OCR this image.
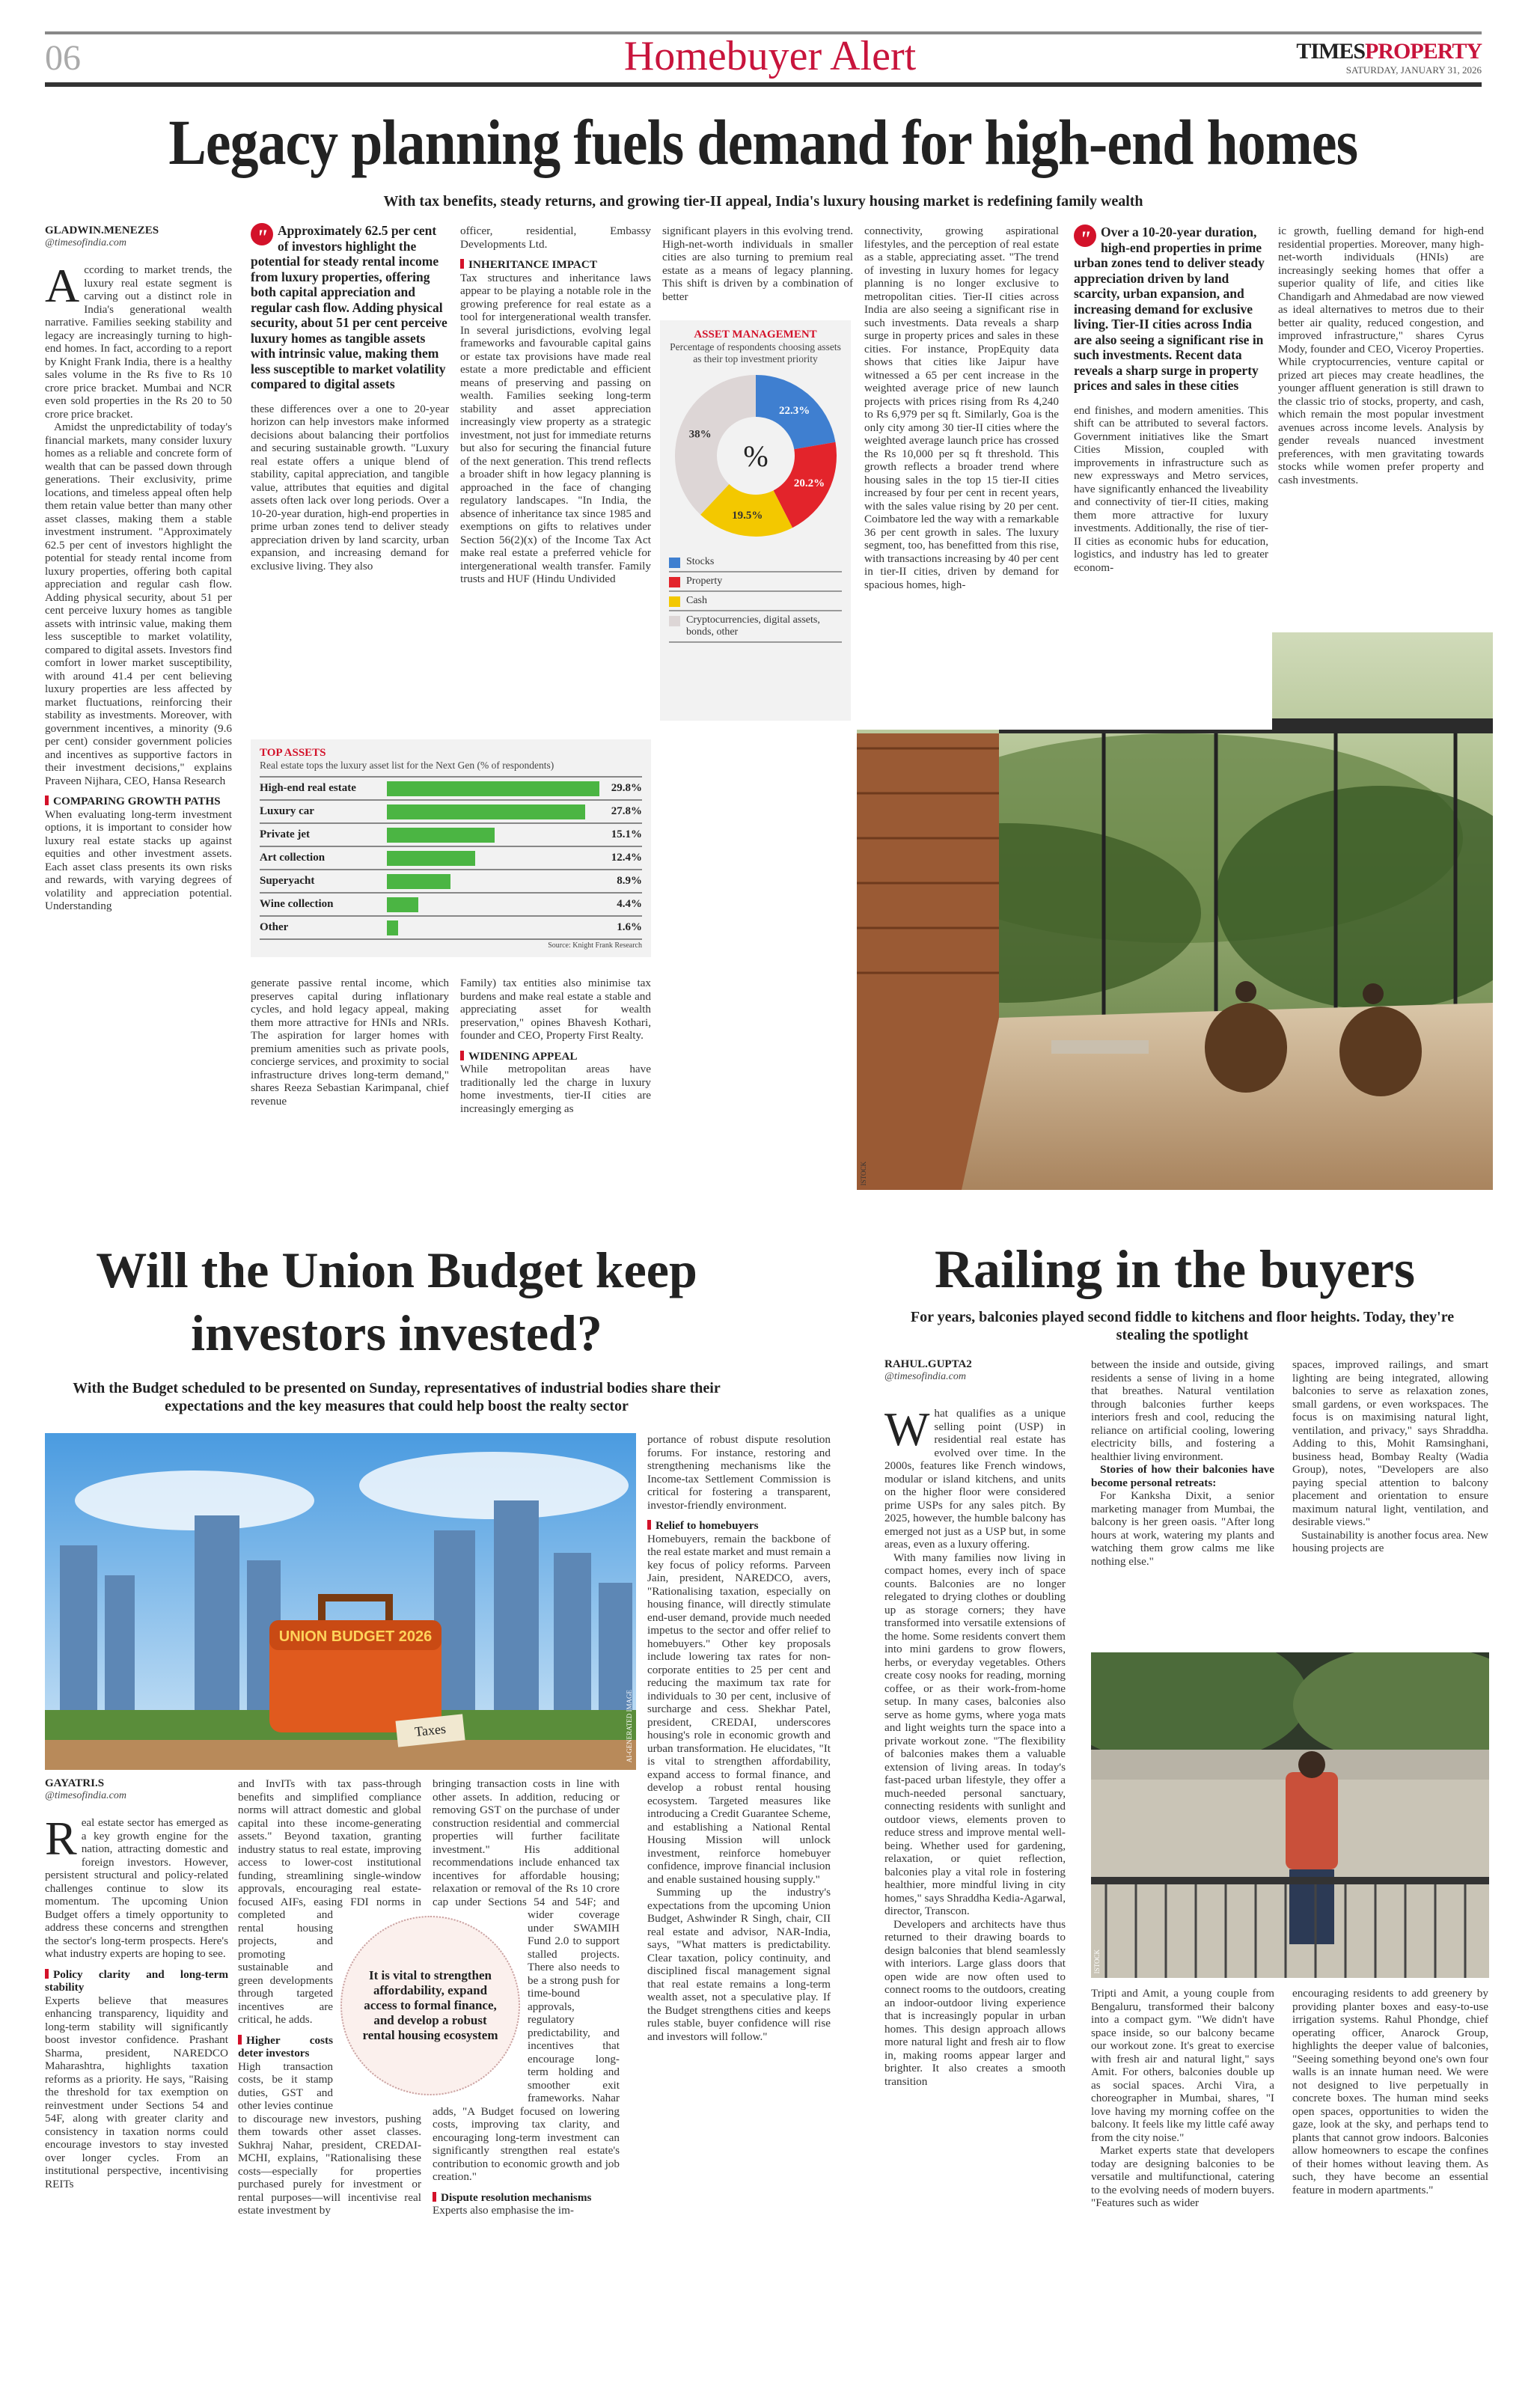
06	Homebuyer Alert	TIMESPROPERTY
SATURDAY, JANUARY 31, 2026
Legacy planning fuels demand for high-end homes
With tax benefits, steady returns, and growing tier-II appeal, India's luxury housing market is redefining family wealth
GLADWIN.MENEZES
@timesofindia.com

According to market trends, the luxury real estate segment is carving out a distinct role in India's generational wealth narrative. Families seeking stability and legacy are increasingly turning to high-end homes. In fact, according to a report by Knight Frank India, there is a healthy sales volume in the Rs five to Rs 10 crore price bracket. Mumbai and NCR even sold properties in the Rs 20 to 50 crore price bracket.

Amidst the unpredictability of today's financial markets, many consider luxury homes as a reliable and concrete form of wealth that can be passed down through generations. Their exclusivity, prime locations, and timeless appeal often help them retain value better than many other asset classes, making them a stable investment instrument. "Approximately 62.5 per cent of investors highlight the potential for steady rental income from luxury properties, offering both capital appreciation and regular cash flow. Adding physical security, about 51 per cent perceive luxury homes as tangible assets with intrinsic value, making them less susceptible to market volatility, compared to digital assets. Investors find comfort in lower market susceptibility, with around 41.4 per cent believing luxury properties are less affected by market fluctuations, reinforcing their stability as investments. Moreover, with government incentives, a minority (9.6 per cent) consider government policies and incentives as supportive factors in their investment decisions," explains Praveen Nijhara, CEO, Hansa Research

COMPARING GROWTH PATHS

When evaluating long-term investment options, it is important to consider how luxury real estate stacks up against equities and other investment assets. Each asset class presents its own risks and rewards, with varying degrees of volatility and appreciation potential. Understanding

" Approximately 62.5 per cent of investors highlight the potential for steady rental income from luxury properties, offering both capital appreciation and regular cash flow. Adding physical security, about 51 per cent perceive luxury homes as tangible assets with intrinsic value, making them less susceptible to market volatility compared to digital assets

these differences over a one to 20-year horizon can help investors make informed decisions about balancing their portfolios and securing sustainable growth. "Luxury real estate offers a unique blend of stability, capital appreciation, and tangible value, attributes that equities and digital assets often lack over long periods. Over a 10-20-year duration, high-end properties in prime urban zones tend to deliver steady appreciation driven by land scarcity, urban expansion, and increasing demand for exclusive living. They also

generate passive rental income, which preserves capital during inflationary cycles, and hold legacy appeal, making them more attractive for HNIs and NRIs. The aspiration for larger homes with premium amenities such as private pools, concierge services, and proximity to social infrastructure drives long-term demand," shares Reeza Sebastian Karimpanal, chief revenue

officer, residential, Embassy Developments Ltd.

INHERITANCE IMPACT

Tax structures and inheritance laws appear to be playing a notable role in the growing preference for real estate as a tool for intergenerational wealth transfer. In several jurisdictions, evolving legal frameworks and favourable capital gains or estate tax provisions have made real estate a more predictable and efficient means of preserving and passing on wealth. Families seeking long-term stability and asset appreciation increasingly view property as a strategic investment, not just for immediate returns but also for securing the financial future of the next generation. This trend reflects a broader shift in how legacy planning is approached in the face of changing regulatory landscapes. "In India, the absence of inheritance tax since 1985 and exemptions on gifts to relatives under Section 56(2)(x) of the Income Tax Act make real estate a preferred vehicle for intergenerational wealth transfer. Family trusts and HUF (Hindu Undivided

Family) tax entities also minimise tax burdens and make real estate a stable and appreciating asset for wealth preservation," opines Bhavesh Kothari, founder and CEO, Property First Realty.

WIDENING APPEAL

While metropolitan areas have traditionally led the charge in luxury home investments, tier-II cities are increasingly emerging as

TOP ASSETS
Real estate tops the luxury asset list for the Next Gen (% of respondents)
High-end real estate	29.8%
Luxury car	27.8%
Private jet	15.1%
Art collection	12.4%
Superyacht	8.9%
Wine collection	4.4%
Other	1.6%
Source: Knight Frank Research

significant players in this evolving trend. High-net-worth individuals in smaller cities are also turning to premium real estate as a means of legacy planning. This shift is driven by a combination of better

ASSET MANAGEMENT
Percentage of respondents choosing assets as their top investment priority
22.3%
20.2%
19.5%
38%
%
Stocks
Property
Cash
Cryptocurrencies, digital assets, bonds, other

connectivity, growing aspirational lifestyles, and the perception of real estate as a stable, appreciating asset. "The trend of investing in luxury homes for legacy planning is no longer exclusive to metropolitan cities. Tier-II cities across India are also seeing a significant rise in such investments. Data reveals a sharp surge in property prices and sales in these cities. For instance, PropEquity data shows that cities like Jaipur have witnessed a 65 per cent increase in the weighted average price of new launch projects with prices rising from Rs 4,240 to Rs 6,979 per sq ft. Similarly, Goa is the only city among 30 tier-II cities where the weighted average launch price has crossed the Rs 10,000 per sq ft threshold. This growth reflects a broader trend where housing sales in the top 15 tier-II cities increased by four per cent in recent years, with the sales value rising by 20 per cent. Coimbatore led the way with a remarkable 36 per cent growth in sales. The luxury segment, too, has benefitted from this rise, with transactions increasing by 40 per cent in tier-II cities, driven by demand for spacious homes, high-

" Over a 10-20-year duration, high-end properties in prime urban zones tend to deliver steady appreciation driven by land scarcity, urban expansion, and increasing demand for exclusive living. Tier-II cities across India are also seeing a significant rise in such investments. Recent data reveals a sharp surge in property prices and sales in these cities

end finishes, and modern amenities. This shift can be attributed to several factors. Government initiatives like the Smart Cities Mission, coupled with improvements in infrastructure such as new expressways and Metro services, have significantly enhanced the liveability and connectivity of tier-II cities, making them more attractive for luxury investments. Additionally, the rise of tier-II cities as economic hubs for education, logistics, and industry has led to greater econom-

ic growth, fuelling demand for high-end residential properties. Moreover, many high-net-worth individuals (HNIs) are increasingly seeking homes that offer a superior quality of life, and cities like Chandigarh and Ahmedabad are now viewed as ideal alternatives to metros due to their better air quality, reduced congestion, and improved infrastructure," shares Cyrus Mody, founder and CEO, Viceroy Properties. While cryptocurrencies, venture capital or prized art pieces may create headlines, the younger affluent generation is still drawn to the classic trio of stocks, property, and cash, which remain the most popular investment avenues across income levels. Analysis by gender reveals nuanced investment preferences, with men gravitating towards stocks while women prefer property and cash investments.

ISTOCK
Will the Union Budget keep
investors invested?
With the Budget scheduled to be presented on Sunday, representatives of industrial bodies share their expectations and the key measures that could help boost the realty sector
UNION BUDGET 2026
Taxes	AI-GENERATED IMAGE
GAYATRI.S
@timesofindia.com

Real estate sector has emerged as a key growth engine for the nation, attracting domestic and foreign investors. However, persistent structural and policy-related challenges continue to slow its momentum. The upcoming Union Budget offers a timely opportunity to address these concerns and strengthen the sector's long-term prospects. Here's what industry experts are hoping to see.

Policy clarity and long-term stability

Experts believe that measures enhancing transparency, liquidity and long-term stability will significantly boost investor confidence. Prashant Sharma, president, NAREDCO Maharashtra, highlights taxation reforms as a priority. He says, "Raising the threshold for tax exemption on reinvestment under Sections 54 and 54F, along with greater clarity and consistency in taxation norms could encourage investors to stay invested over longer cycles. From an institutional perspective, incentivising REITs

and InvITs with tax pass-through benefits and simplified compliance norms will attract domestic and global capital into these income-generating assets." Beyond taxation, granting industry status to real estate, improving access to lower-cost institutional funding, streamlining single-window approvals, encouraging real estate-focused AIFs, easing FDI norms in completed and rental housing projects, and promoting sustainable and green developments through targeted incentives are critical, he adds.

Higher costs deter investors

High transaction costs, be it stamp duties, GST and other levies continue to discourage new investors, pushing them towards other asset classes. Sukhraj Nahar, president, CREDAI-MCHI, explains, "Rationalising these costs—especially for properties purchased purely for investment or rental purposes—will incentivise real estate investment by

bringing transaction costs in line with other assets. In addition, reducing or removing GST on the purchase of under construction residential and commercial properties will further facilitate investment." His additional recommendations include enhanced tax incentives for affordable housing; relaxation or removal of the Rs 10 crore cap under Sections 54 and 54F; and wider coverage under SWAMIH Fund 2.0 to support stalled projects. There also needs to be a strong push for time-bound approvals, regulatory predictability, and incentives that encourage long-term holding and smoother exit frameworks. Nahar adds, "A Budget focused on lowering costs, improving tax clarity, and encouraging long-term investment can significantly strengthen real estate's contribution to economic growth and job creation."

Dispute resolution mechanisms

Experts also emphasise the im-

portance of robust dispute resolution forums. For instance, restoring and strengthening mechanisms like the Income-tax Settlement Commission is critical for fostering a transparent, investor-friendly environment.

Relief to homebuyers

Homebuyers, remain the backbone of the real estate market and must remain a key focus of policy reforms. Parveen Jain, president, NAREDCO, avers, "Rationalising taxation, especially on housing finance, will directly stimulate end-user demand, provide much needed impetus to the sector and offer relief to homebuyers." Other key proposals include lowering tax rates for non-corporate entities to 25 per cent and reducing the maximum tax rate for individuals to 30 per cent, inclusive of surcharge and cess. Shekhar Patel, president, CREDAI, underscores housing's role in economic growth and urban transformation. He elucidates, "It is vital to strengthen affordability, expand access to formal finance, and develop a robust rental housing ecosystem. Targeted measures like introducing a Credit Guarantee Scheme, and establishing a National Rental Housing Mission will unlock investment, reinforce homebuyer confidence, improve financial inclusion and enable sustained housing supply."

Summing up the industry's expectations from the upcoming Union Budget, Ashwinder R Singh, chair, CII real estate and advisor, NAR-India, says, "What matters is predictability. Clear taxation, policy continuity, and disciplined fiscal management signal that real estate remains a long-term wealth asset, not a speculative play. If the Budget strengthens cities and keeps rules stable, buyer confidence will rise and investors will follow."

It is vital to strengthen affordability, expand access to formal finance, and develop a robust rental housing ecosystem
Railing in the buyers
For years, balconies played second fiddle to kitchens and floor heights. Today, they're stealing the spotlight
RAHUL.GUPTA2
@timesofindia.com

What qualifies as a unique selling point (USP) in residential real estate has evolved over time. In the 2000s, features like French windows, modular or island kitchens, and units on the higher floor were considered prime USPs for any sales pitch. By 2025, however, the humble balcony has emerged not just as a USP but, in some areas, even as a luxury offering.

With many families now living in compact homes, every inch of space counts. Balconies are no longer relegated to drying clothes or doubling up as storage corners; they have transformed into versatile extensions of the home. Some residents convert them into mini gardens to grow flowers, herbs, or everyday vegetables. Others create cosy nooks for reading, morning coffee, or as their work-from-home setup. In many cases, balconies also serve as home gyms, where yoga mats and light weights turn the space into a private workout zone. "The flexibility of balconies makes them a valuable extension of living areas. In today's fast-paced urban lifestyle, they offer a much-needed personal sanctuary, connecting residents with sunlight and outdoor views, elements proven to reduce stress and improve mental well-being. Whether used for gardening, relaxation, or quiet reflection, balconies play a vital role in fostering healthier, more mindful living in city homes," says Shraddha Kedia-Agarwal, director, Transcon.

Developers and architects have thus returned to their drawing boards to design balconies that blend seamlessly with interiors. Large glass doors that open wide are now often used to connect rooms to the outdoors, creating an indoor-outdoor living experience that is increasingly popular in urban homes. This design approach allows more natural light and fresh air to flow in, making rooms appear larger and brighter. It also creates a smooth transition

between the inside and outside, giving residents a sense of living in a home that breathes. Natural ventilation through balconies further keeps interiors fresh and cool, reducing the reliance on artificial cooling, lowering electricity bills, and fostering a healthier living environment.

Stories of how their balconies have become personal retreats:

For Kanksha Dixit, a senior marketing manager from Mumbai, the balcony is her green oasis. "After long hours at work, watering my plants and watching them grow calms me like nothing else."

Tripti and Amit, a young couple from Bengaluru, transformed their balcony into a compact gym. "We didn't have space inside, so our balcony became our workout zone. It's great to exercise with fresh air and natural light," says Amit. For others, balconies double up as social spaces. Archi Vira, a choreographer in Mumbai, shares, "I love having my morning coffee on the balcony. It feels like my little café away from the city noise."

Market experts state that developers today are designing balconies to be versatile and multifunctional, catering to the evolving needs of modern buyers. "Features such as wider

spaces, improved railings, and smart lighting are being integrated, allowing balconies to serve as relaxation zones, small gardens, or even workspaces. The focus is on maximising natural light, ventilation, and privacy," says Shraddha. Adding to this, Mohit Ramsinghani, business head, Bombay Realty (Wadia Group), notes, "Developers are also paying special attention to balcony placement and orientation to ensure maximum natural light, ventilation, and desirable views."

Sustainability is another focus area. New housing projects are

encouraging residents to add greenery by providing planter boxes and easy-to-use irrigation systems. Rahul Phondge, chief operating officer, Anarock Group, highlights the deeper value of balconies, "Seeing something beyond one's own four walls is an innate human need. We were not designed to live perpetually in concrete boxes. The human mind seeks open spaces, opportunities to widen the gaze, look at the sky, and perhaps tend to plants that cannot grow indoors. Balconies allow homeowners to escape the confines of their homes without leaving them. As such, they have become an essential feature in modern apartments."

ISTOCK
